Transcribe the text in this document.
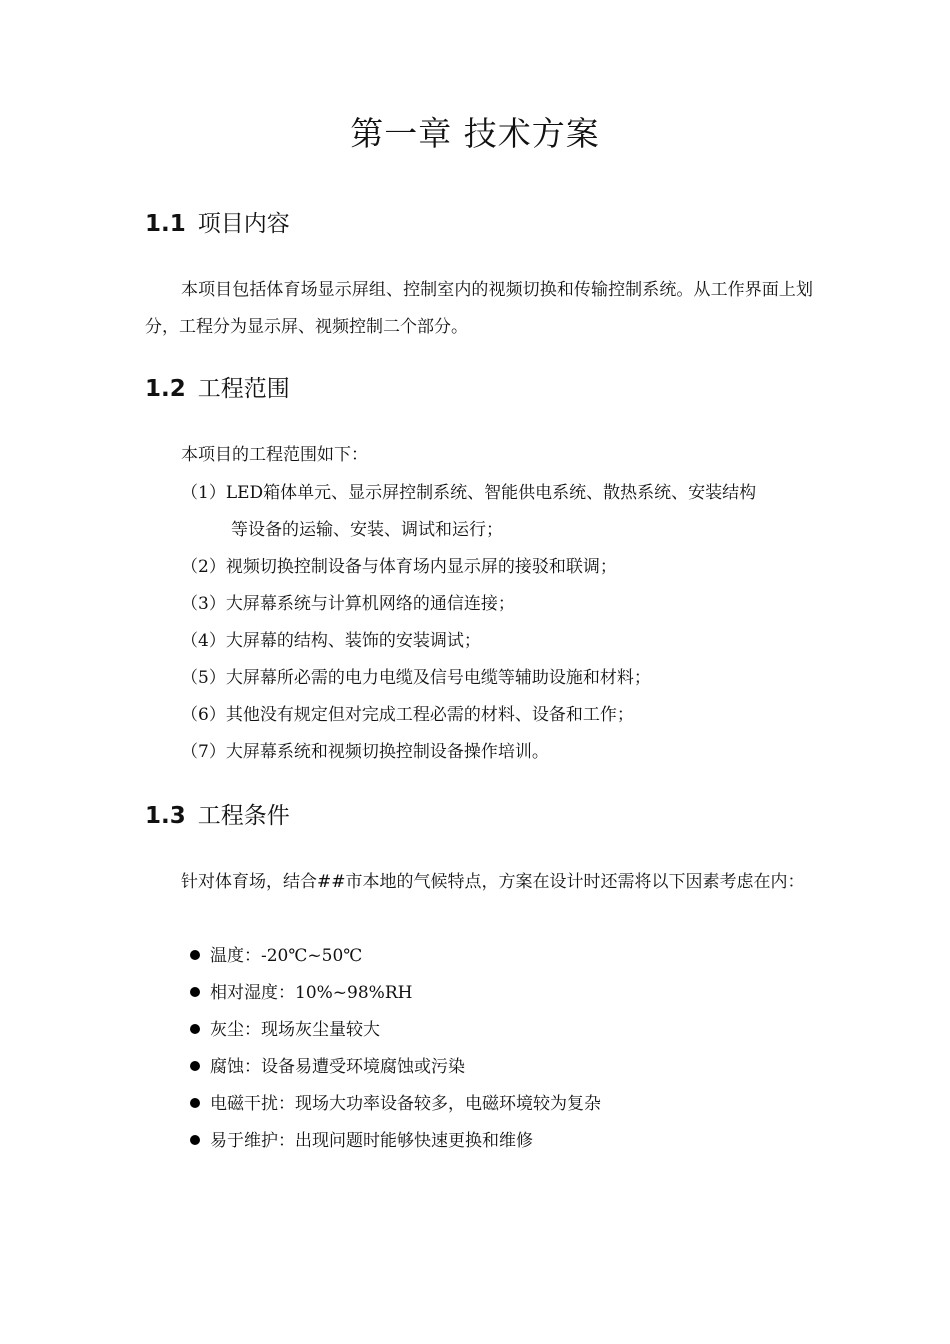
第一章 技术方案
1.1 项目内容

本项目包括体育场显示屏组、控制室内的视频切换和传输控制系统。从工作界面上划分，工程分为显示屏、视频控制二个部分。

1.2 工程范围

本项目的工程范围如下：

（1）LED箱体单元、显示屏控制系统、智能供电系统、散热系统、安装结构
等设备的运输、安装、调试和运行；

（2）视频切换控制设备与体育场内显示屏的接驳和联调；

（3）大屏幕系统与计算机网络的通信连接；

（4）大屏幕的结构、装饰的安装调试；

（5）大屏幕所必需的电力电缆及信号电缆等辅助设施和材料；

（6）其他没有规定但对完成工程必需的材料、设备和工作；

（7）大屏幕系统和视频切换控制设备操作培训。

1.3 工程条件

针对体育场，结合##市本地的气候特点，方案在设计时还需将以下因素考虑在内：

温度：-20℃~50℃

相对湿度：10%~98%RH

灰尘：现场灰尘量较大

腐蚀：设备易遭受环境腐蚀或污染

电磁干扰：现场大功率设备较多，电磁环境较为复杂

易于维护：出现问题时能够快速更换和维修
